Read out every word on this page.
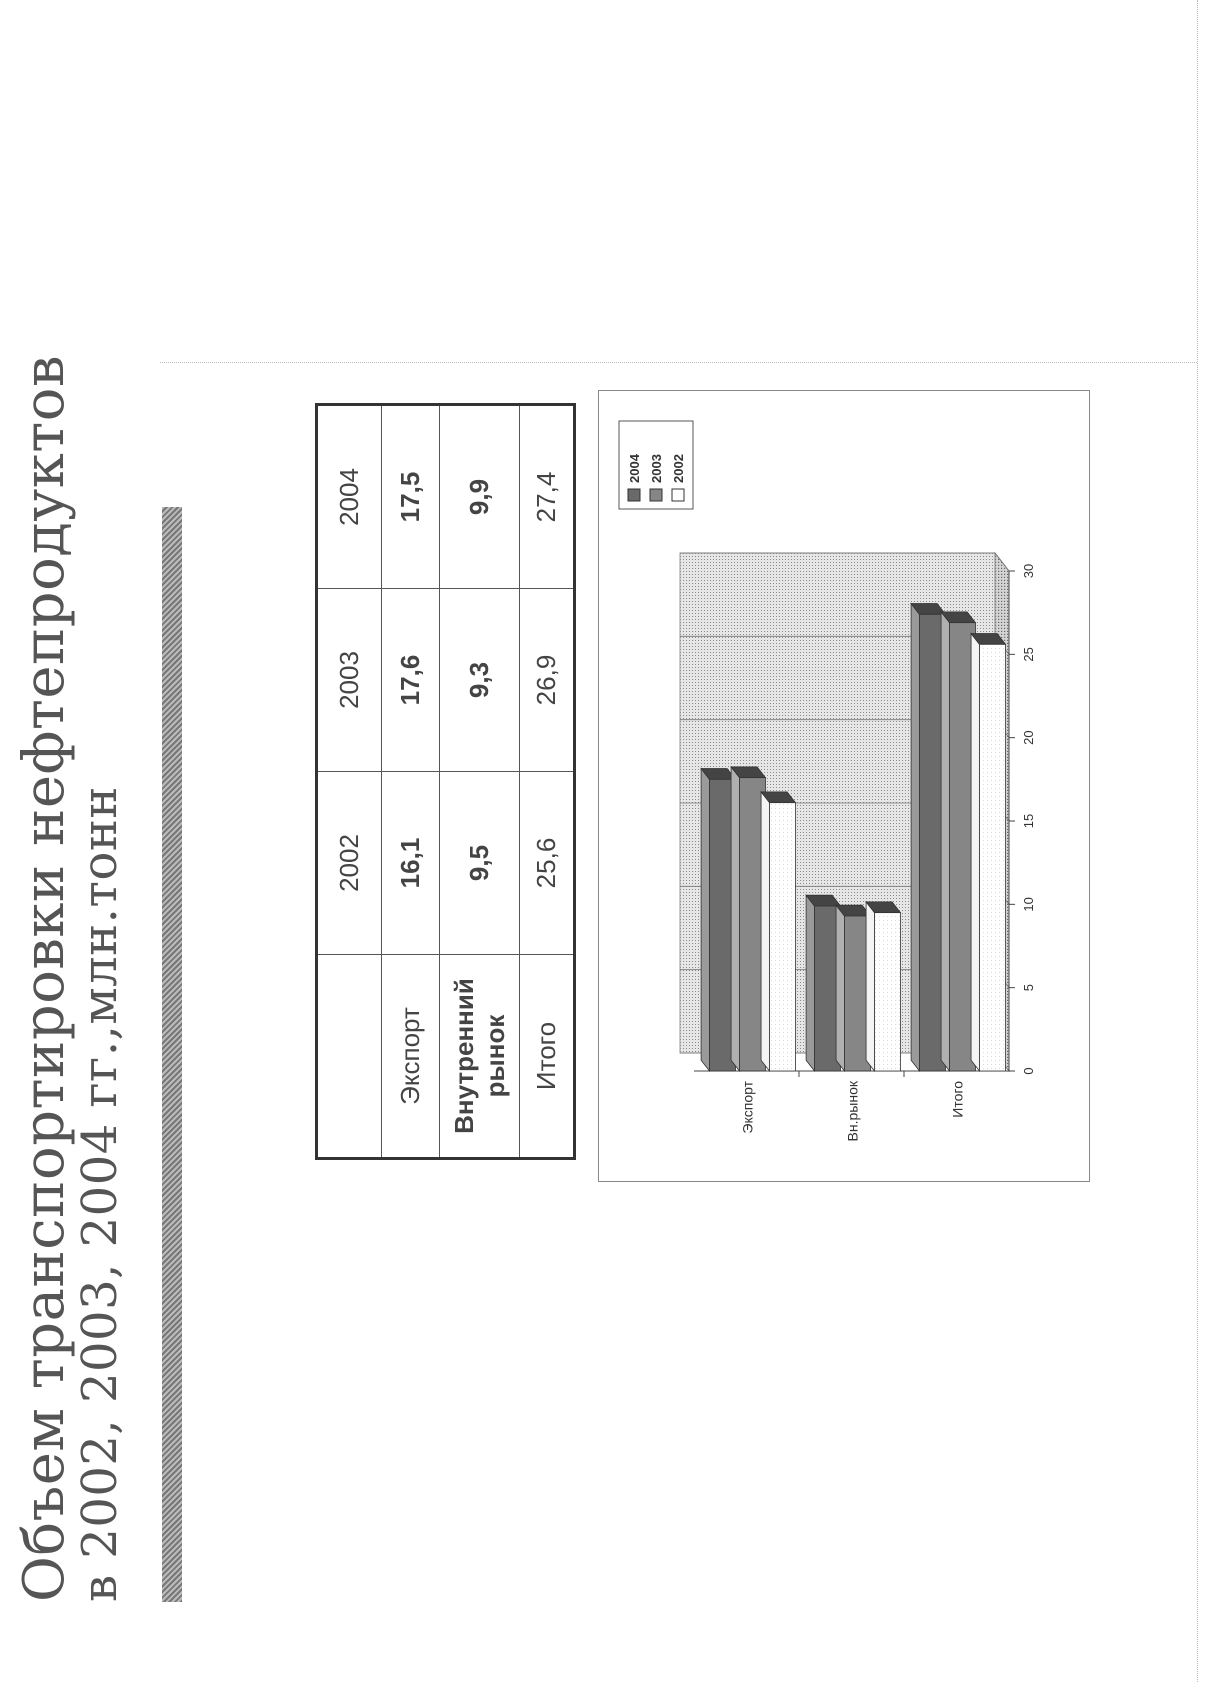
Объем транспортировки нефтепродуктов
в 2002, 2003, 2004 гг.,млн.тонн
		2002	2003	2004
Экспорт	16,1	17,6	17,5
Внутренний рынок	9,5	9,3	9,9
Итого	25,6	26,9	27,4
0
5
10
15
20
25
30
Экспорт	Вн.рынок	Итого
2004 2003 2002
